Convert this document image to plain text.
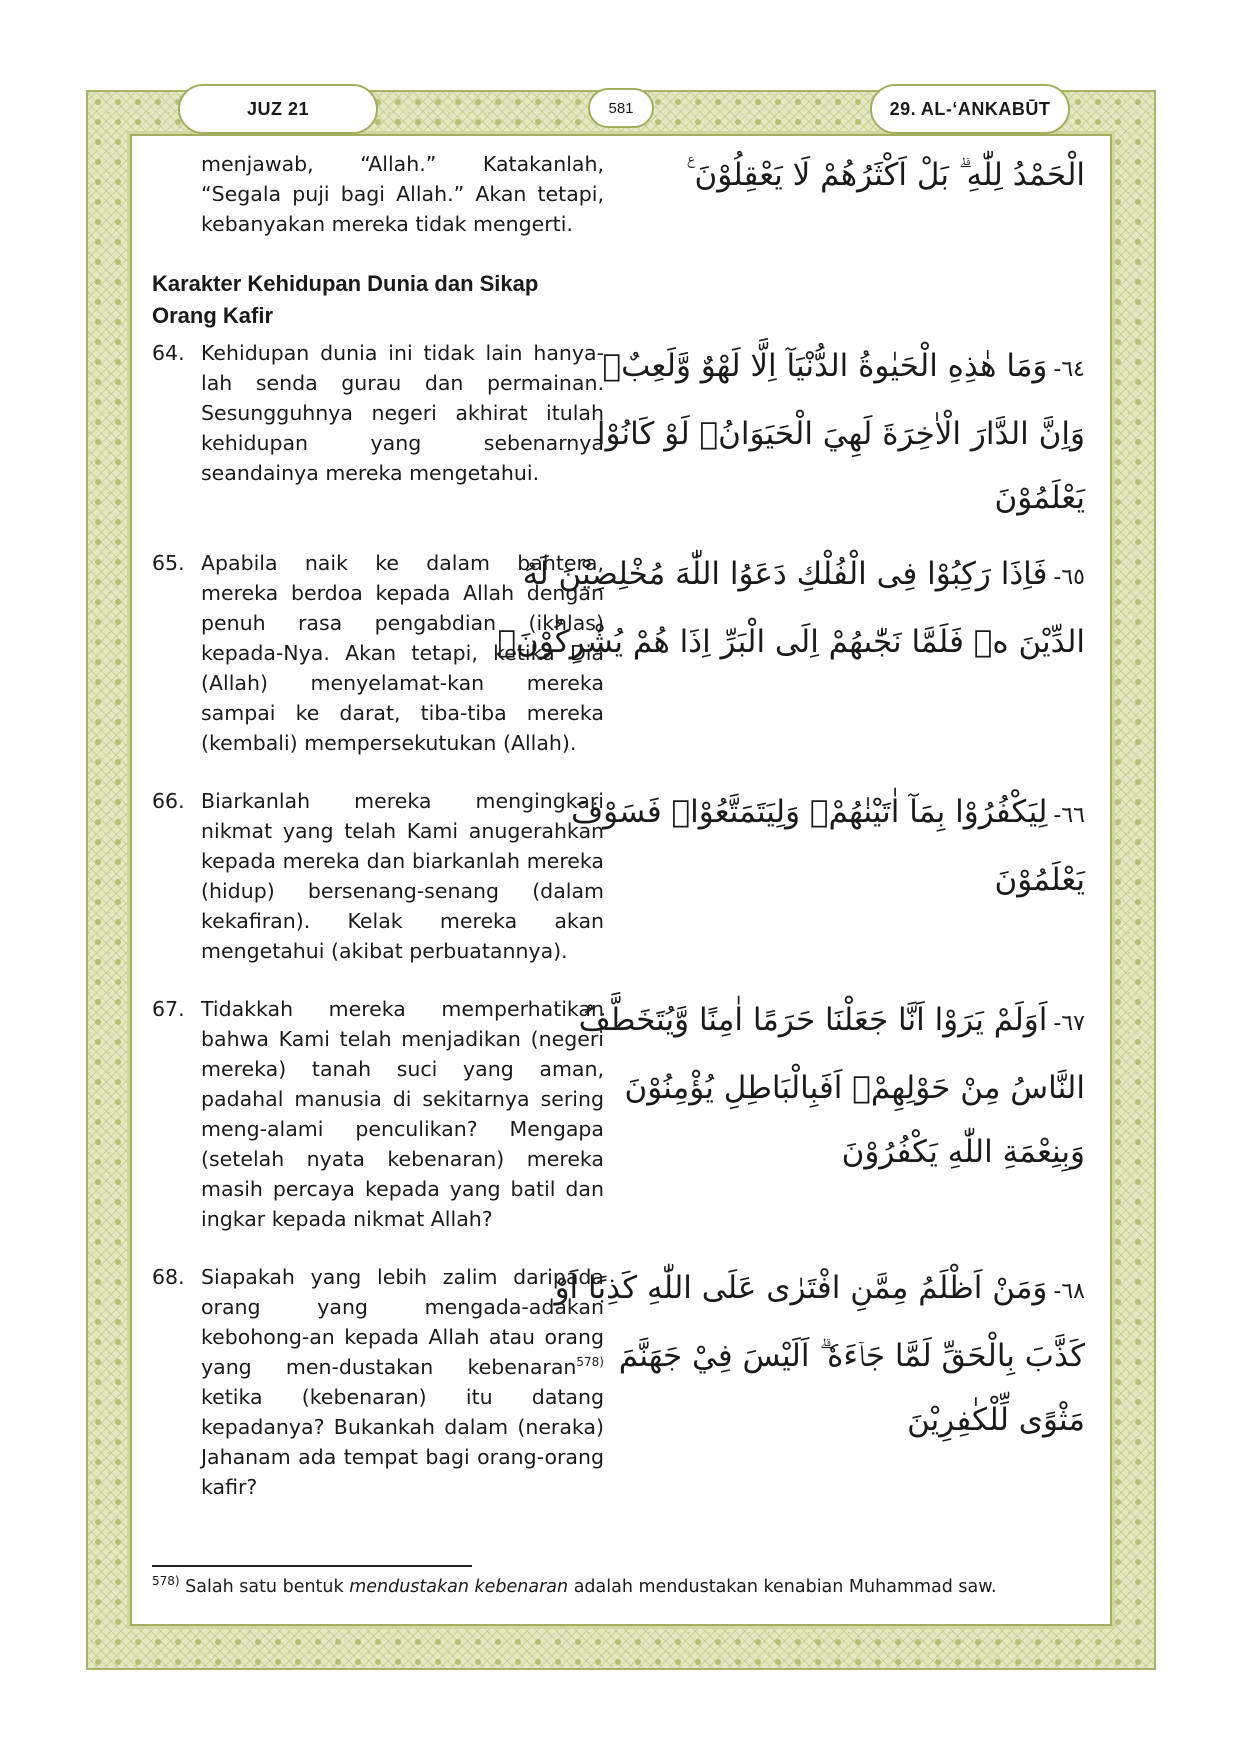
JUZ 21	581	29. AL-‘ANKABŪT
menjawab, “Allah.” Katakanlah, “Segala puji bagi Allah.” Akan tetapi, kebanyakan mereka tidak mengerti.
الْحَمْدُ لِلّٰهِ ۗ بَلْ اَكْثَرُهُمْ لَا يَعْقِلُوْنَ ࣖ
Karakter Kehidupan Dunia dan Sikap Orang Kafir
64. Kehidupan dunia ini tidak lain hanya-lah senda gurau dan permainan. Sesungguhnya negeri akhirat itulah kehidupan yang sebenarnya seandainya mereka mengetahui.
٦٤-وَمَا هٰذِهِ الْحَيٰوةُ الدُّنْيَآ اِلَّا لَهْوٌ وَّلَعِبٌۗ
وَاِنَّ الدَّارَ الْاٰخِرَةَ لَهِيَ الْحَيَوَانُۘ لَوْ كَانُوْا
يَعْلَمُوْنَ
65. Apabila naik ke dalam bahtera, mereka berdoa kepada Allah dengan penuh rasa pengabdian (ikhlas) kepada-Nya. Akan tetapi, ketika Dia (Allah) menyelamat-kan mereka sampai ke darat, tiba-tiba mereka (kembali) mempersekutukan (Allah).
٦٥-فَاِذَا رَكِبُوْا فِى الْفُلْكِ دَعَوُا اللّٰهَ مُخْلِصِيْنَ لَهُ
الدِّيْنَ ەۚ فَلَمَّا نَجّٰىهُمْ اِلَى الْبَرِّ اِذَا هُمْ يُشْرِكُوْنَۙ
66. Biarkanlah mereka mengingkari nikmat yang telah Kami anugerahkan kepada mereka dan biarkanlah mereka (hidup) bersenang-senang (dalam kekafiran). Kelak mereka akan mengetahui (akibat perbuatannya).
٦٦-لِيَكْفُرُوْا بِمَآ اٰتَيْنٰهُمْۙ وَلِيَتَمَتَّعُوْاۗ فَسَوْفَ
يَعْلَمُوْنَ
67. Tidakkah mereka memperhatikan bahwa Kami telah menjadikan (negeri mereka) tanah suci yang aman, padahal manusia di sekitarnya sering meng-alami penculikan? Mengapa (setelah nyata kebenaran) mereka masih percaya kepada yang batil dan ingkar kepada nikmat Allah?
٦٧-اَوَلَمْ يَرَوْا اَنَّا جَعَلْنَا حَرَمًا اٰمِنًا وَّيُتَخَطَّفُ
النَّاسُ مِنْ حَوْلِهِمْۗ اَفَبِالْبَاطِلِ يُؤْمِنُوْنَ
وَبِنِعْمَةِ اللّٰهِ يَكْفُرُوْنَ
68. Siapakah yang lebih zalim daripada orang yang mengada-adakan kebohong-an kepada Allah atau orang yang men-dustakan kebenaran$^{578)}$ ketika (kebenaran) itu datang kepadanya? Bukankah dalam (neraka) Jahanam ada tempat bagi orang-orang kafir?
٦٨-وَمَنْ اَظْلَمُ مِمَّنِ افْتَرٰى عَلَى اللّٰهِ كَذِبًا اَوْ
كَذَّبَ بِالْحَقِّ لَمَّا جَاۤءَهٗ ۗ اَلَيْسَ فِيْ جَهَنَّمَ
مَثْوًى لِّلْكٰفِرِيْنَ
$^{578)}$ Salah satu bentuk mendustakan kebenaran adalah mendustakan kenabian Muhammad saw.
